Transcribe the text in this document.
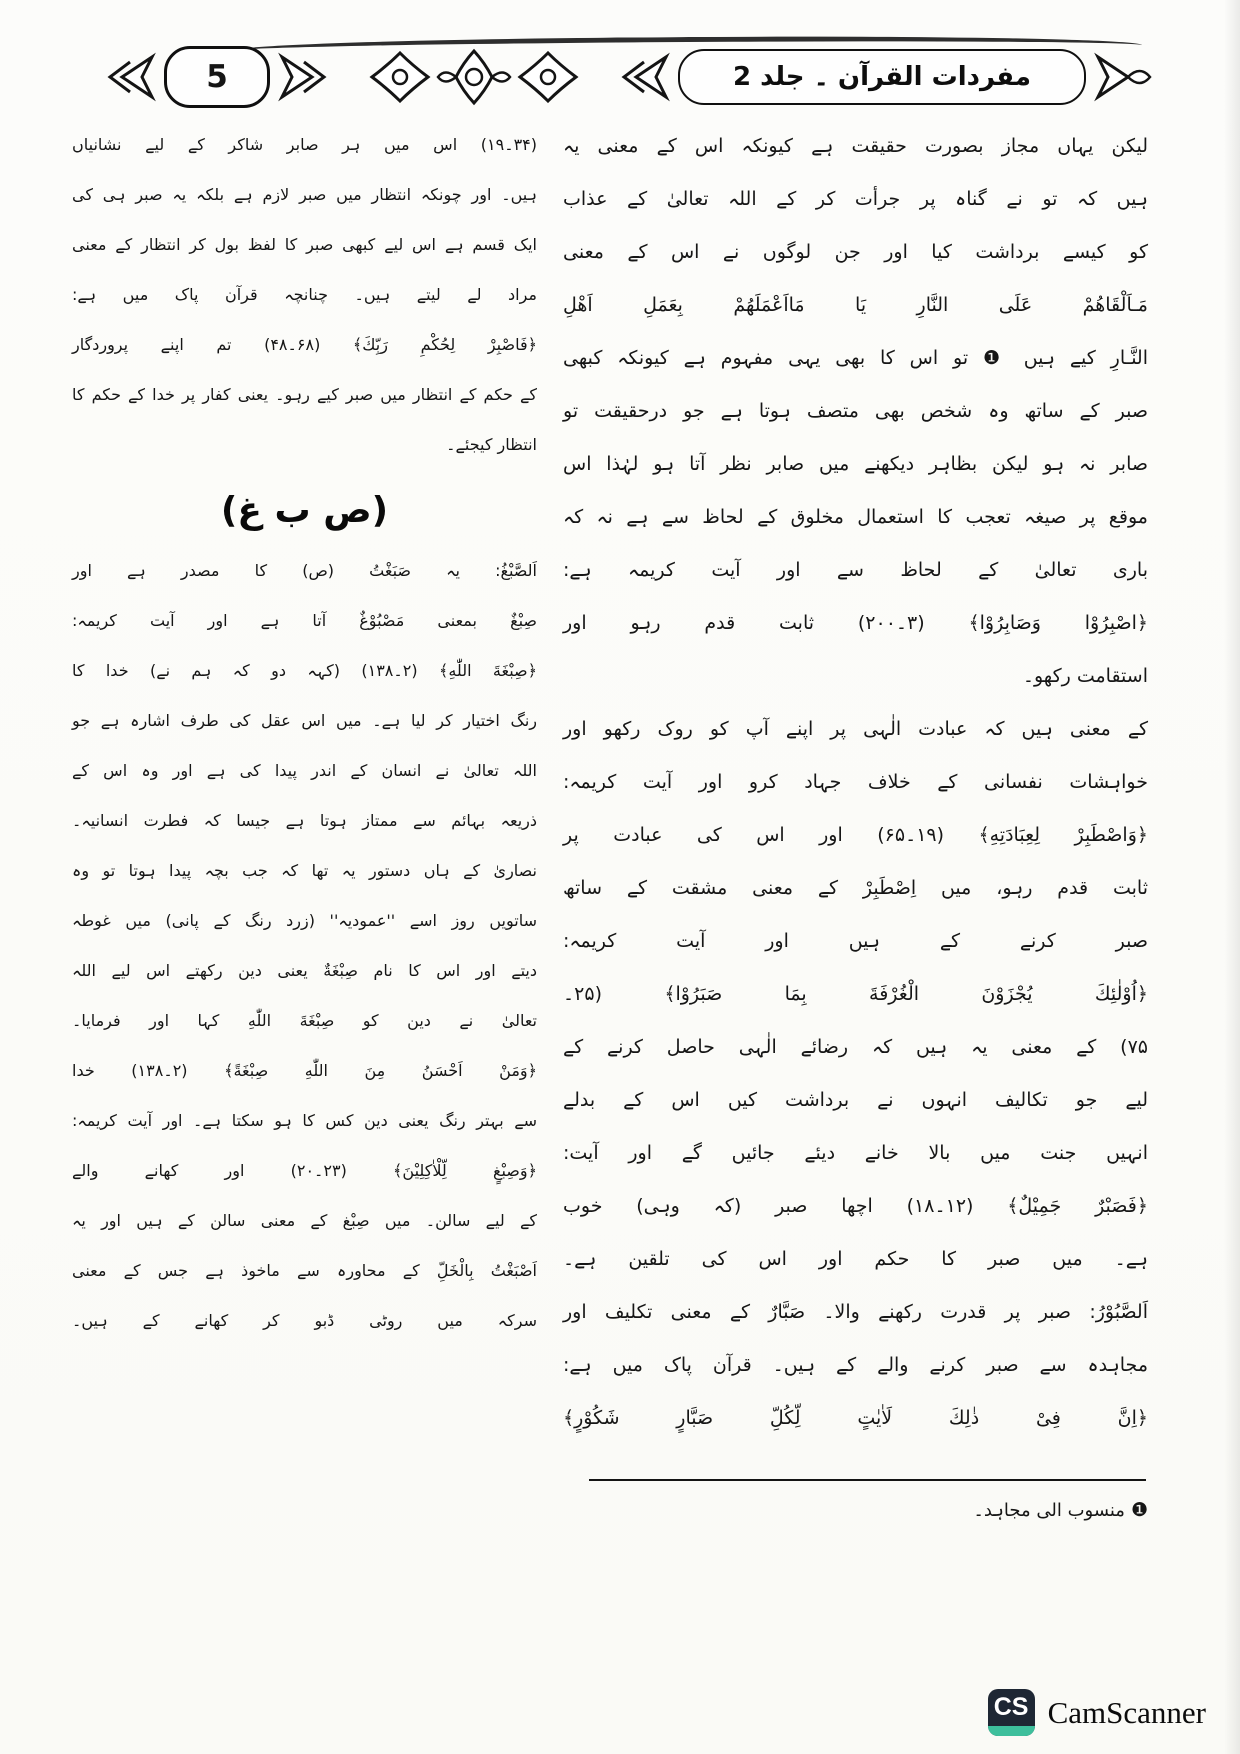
5	مفردات القرآن ۔ جلد 2
لیکن یہاں مجاز بصورت حقیقت ہے کیونکہ اس کے معنی یہ
ہیں کہ تو نے گناہ پر جرأت کر کے اللہ تعالیٰ کے عذاب
کو کیسے برداشت کیا اور جن لوگوں نے اس کے معنی
مَـاَلْقَاهُمْ عَلَی النَّارِ يَا مَااَعْمَلَهُمْ بِعَمَلِ اَهْلِ
النَّـارِ کیے ہیں ❶ تو اس کا بھی یہی مفہوم ہے کیونکہ کبھی
صبر کے ساتھ وہ شخص بھی متصف ہوتا ہے جو درحقیقت تو
صابر نہ ہو لیکن بظاہر دیکھنے میں صابر نظر آتا ہو لہٰذا اس
موقع پر صیغہ تعجب کا استعمال مخلوق کے لحاظ سے ہے نہ کہ
باری تعالیٰ کے لحاظ سے اور آیت کریمہ ہے:
﴿اصْبِرُوْا وَصَابِرُوْا﴾ (۳۔۲۰۰) ثابت قدم رہو اور
استقامت رکھو۔
کے معنی ہیں کہ عبادت الٰہی پر اپنے آپ کو روک رکھو اور
خواہشات نفسانی کے خلاف جہاد کرو اور آیت کریمہ:
﴿وَاصْطَبِرْ لِعِبَادَتِهِ﴾ (۱۹۔۶۵) اور اس کی عبادت پر
ثابت قدم رہو، میں اِصْطَبِرْ کے معنی مشقت کے ساتھ
صبر کرنے کے ہیں اور آیت کریمہ:
﴿اُوْلٰئِكَ يُجْزَوْنَ الْغُرْفَةَ بِمَا صَبَرُوْا﴾ (۲۵۔
۷۵) کے معنی یہ ہیں کہ رضائے الٰہی حاصل کرنے کے
لیے جو تکالیف انہوں نے برداشت کیں اس کے بدلے
انہیں جنت میں بالا خانے دیئے جائیں گے اور آیت:
﴿فَصَبْرٌ جَمِيْلٌ﴾ (۱۲۔۱۸) اچھا صبر (کہ وہی) خوب
ہے۔ میں صبر کا حکم اور اس کی تلقین ہے۔
اَلصَّبُوْرُ: صبر پر قدرت رکھنے والا۔ صَبَّارٌ کے معنی تکلیف اور
مجاہدہ سے صبر کرنے والے کے ہیں۔ قرآن پاک میں ہے:
﴿اِنَّ فِیْ ذٰلِكَ لَاٰیٰتٍ لِّكُلِّ صَبَّارٍ شَكُوْرٍ﴾
❶منسوب الی مجاہد۔
(۳۴۔۱۹) اس میں ہر صابر شاکر کے لیے نشانیاں
ہیں۔ اور چونکہ انتظار میں صبر لازم ہے بلکہ یہ صبر ہی کی
ایک قسم ہے اس لیے کبھی صبر کا لفظ بول کر انتظار کے معنی
مراد لے لیتے ہیں۔ چنانچہ قرآن پاک میں ہے:
﴿فَاصْبِرْ لِحُكْمِ رَبِّكَ﴾ (۶۸۔۴۸) تم اپنے پروردگار
کے حکم کے انتظار میں صبر کیے رہو۔ یعنی کفار پر خدا کے حکم کا
انتظار کیجئے۔
(ص ب غ)
اَلصَّبْغُ: یہ صَبَغْتُ (ص) کا مصدر ہے اور
صِبْغٌ بمعنی مَصْبُوْغٌ آتا ہے اور آیت کریمہ:
﴿صِبْغَةَ اللّٰهِ﴾ (۲۔۱۳۸) (کہہ دو کہ ہم نے) خدا کا
رنگ اختیار کر لیا ہے۔ میں اس عقل کی طرف اشارہ ہے جو
اللہ تعالیٰ نے انسان کے اندر پیدا کی ہے اور وہ اس کے
ذریعہ بہائم سے ممتاز ہوتا ہے جیسا کہ فطرت انسانیہ۔
نصاریٰ کے ہاں دستور یہ تھا کہ جب بچہ پیدا ہوتا تو وہ
ساتویں روز اسے ''عمودیہ'' (زرد رنگ کے پانی) میں غوطہ
دیتے اور اس کا نام صِبْغَةٌ یعنی دین رکھتے اس لیے اللہ
تعالیٰ نے دین کو صِبْغَةَ اللّٰهِ کہا اور فرمایا۔
﴿وَمَنْ اَحْسَنُ مِنَ اللّٰهِ صِبْغَةً﴾ (۲۔۱۳۸) خدا
سے بہتر رنگ یعنی دین کس کا ہو سکتا ہے۔ اور آیت کریمہ:
﴿وَصِبْغٍ لِّلْاٰكِلِيْنَ﴾ (۲۳۔۲۰) اور کھانے والے
کے لیے سالن۔ میں صِبْغ کے معنی سالن کے ہیں اور یہ
اَصْبَغْتُ بِالْخَلِّ کے محاورہ سے ماخوذ ہے جس کے معنی
سرکہ میں روٹی ڈبو کر کھانے کے ہیں۔
CS CamScanner
